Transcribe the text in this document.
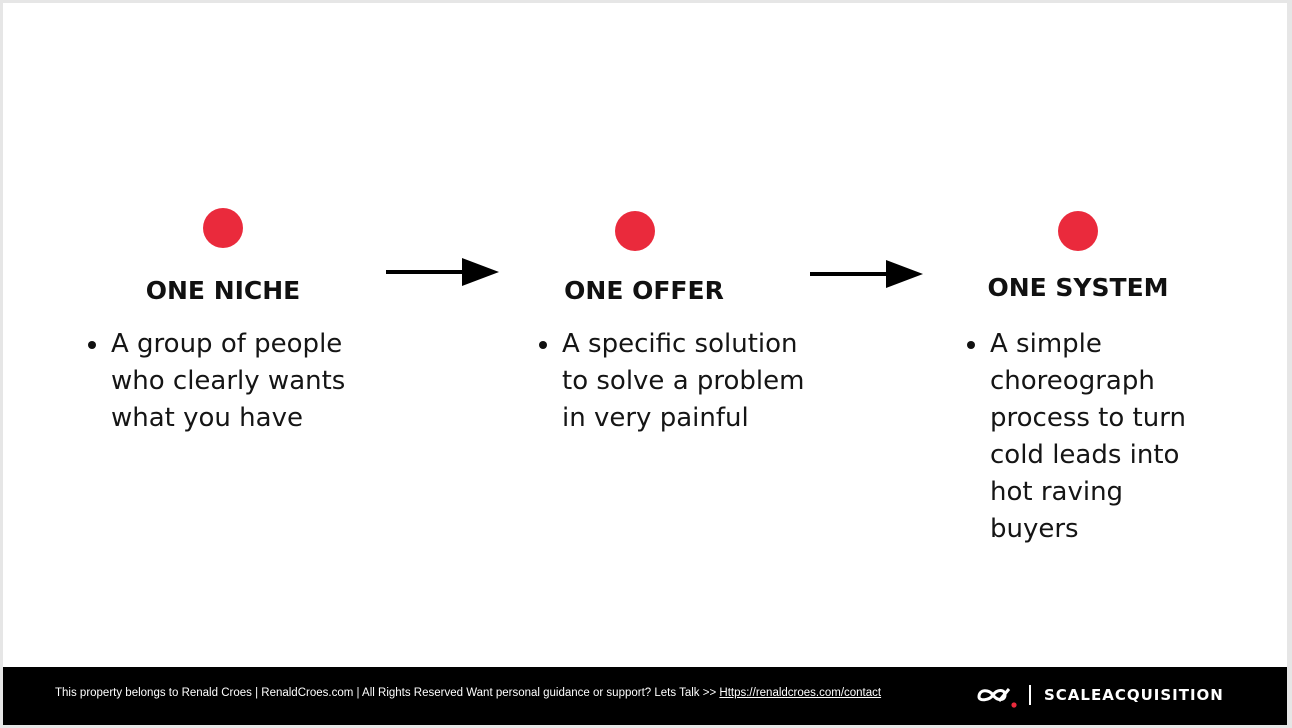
ONE NICHE
A group of people
who clearly wants
what you have
ONE OFFER
A specific solution
to solve a problem
in very painful
ONE SYSTEM
A simple
choreograph
process to turn
cold leads into
hot raving
buyers
This property belongs to Renald Croes | RenaldCroes.com | All Rights Reserved Want personal guidance or support? Lets Talk >> Https://renaldcroes.com/contact	SCALEACQUISITION
